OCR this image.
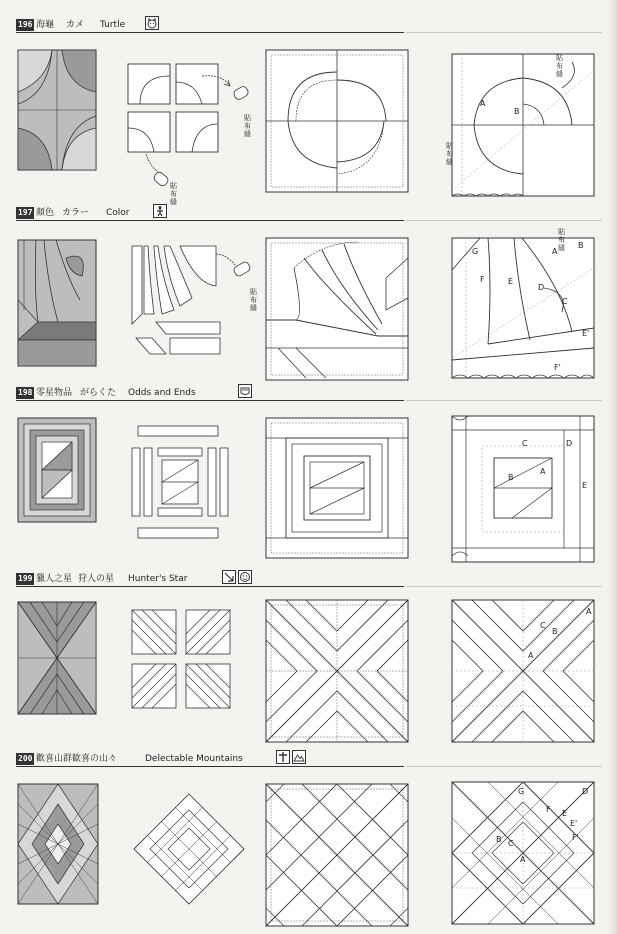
196 海龜 カメ Turtle
貼布縫
貼布縫
A
B
貼布縫
貼布縫
197 顏色 カラー Color
貼布縫
貼布縫
G
F	E
A
B
D
C
E'
F'
198 零星物品 がらくた Odds and Ends
C	D
B
A
E
199 獵人之星 狩人の星 Hunter's Star
A
B
C
A
200 歡喜山群 歓喜の山々	Delectable Mountains
G	D
F E
E'
F'
B C
A
